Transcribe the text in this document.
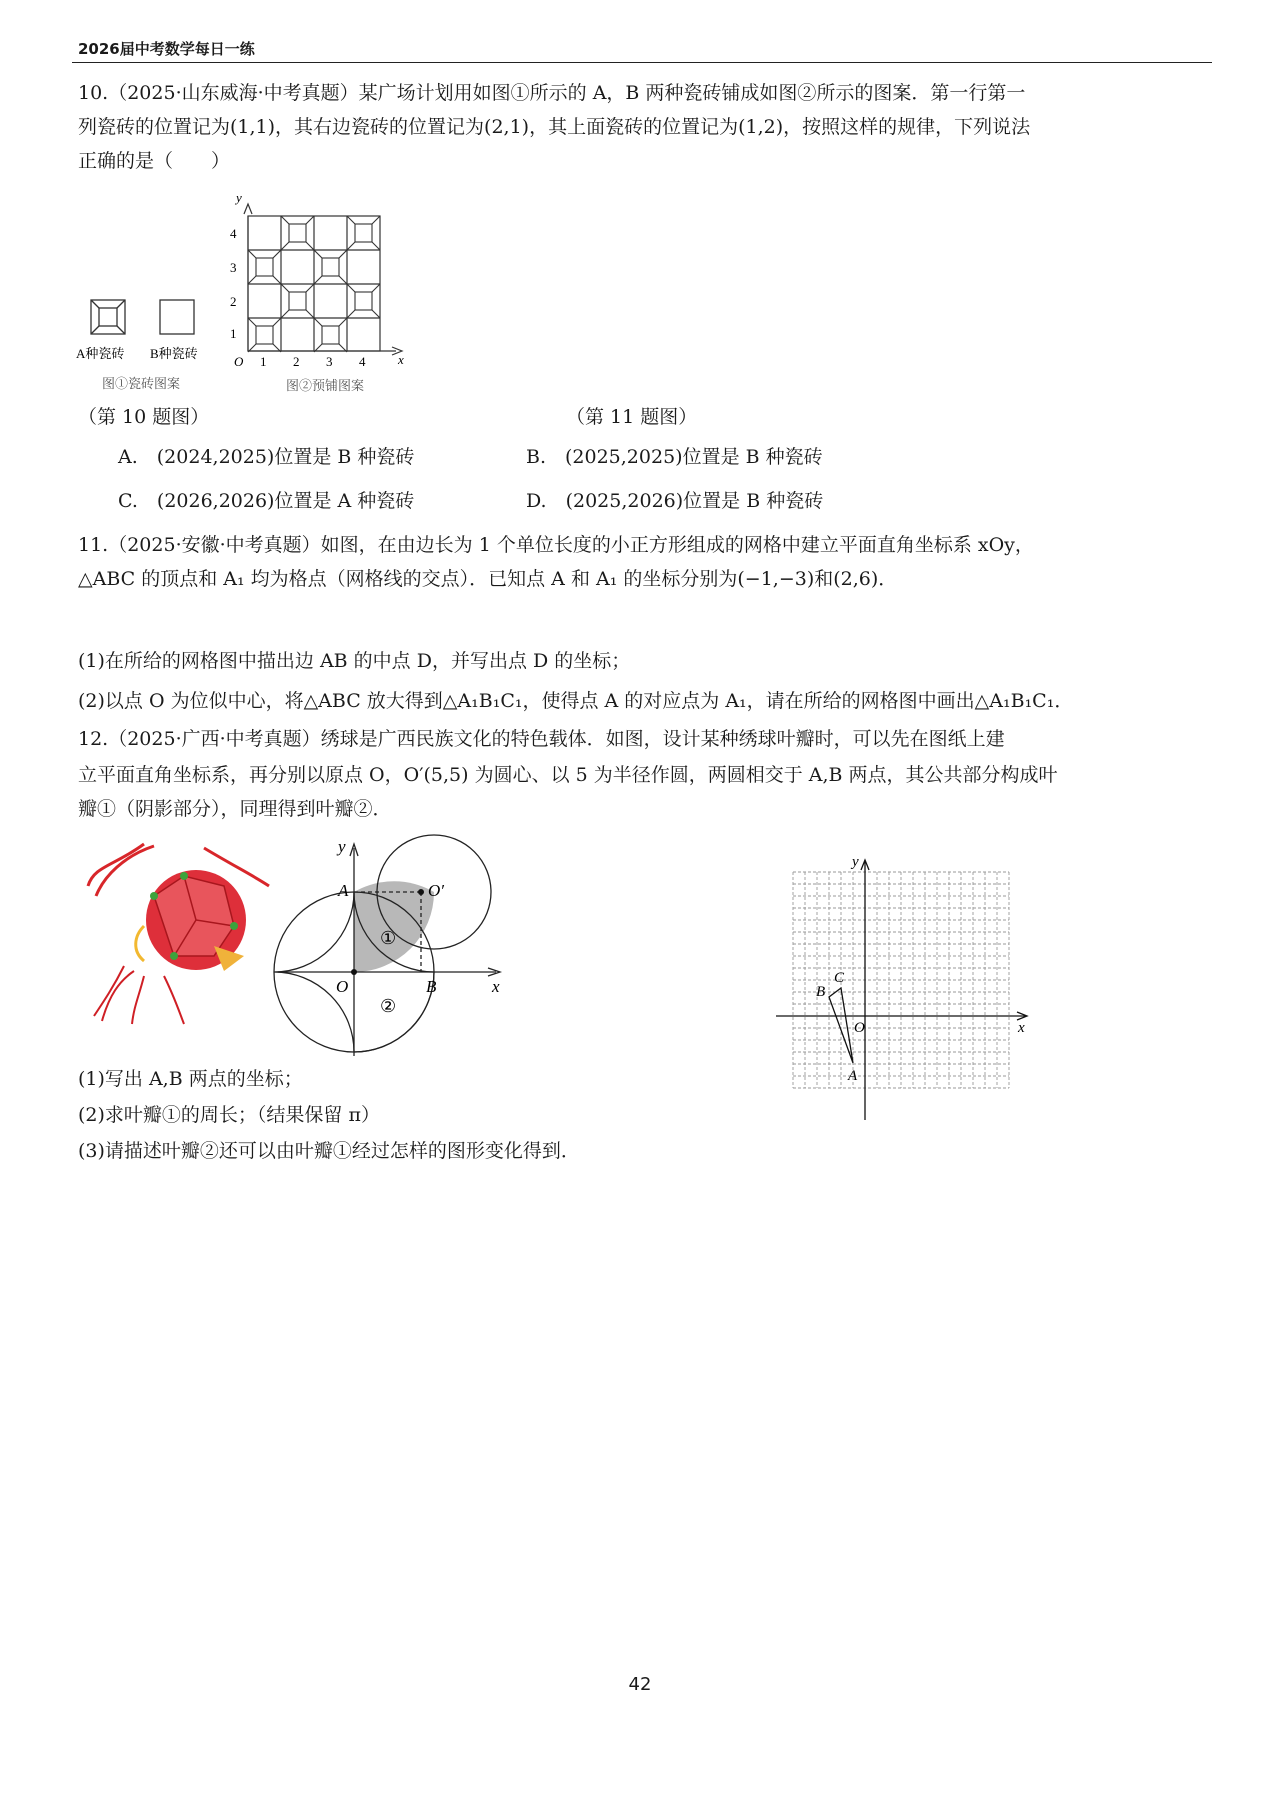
2026届中考数学每日一练
10.（2025·山东威海·中考真题）某广场计划用如图①所示的 A，B 两种瓷砖铺成如图②所示的图案．第一行第一
列瓷砖的位置记为(1,1)，其右边瓷砖的位置记为(2,1)，其上面瓷砖的位置记为(1,2)，按照这样的规律，下列说法
正确的是（　　）
A种瓷砖 B种瓷砖
图①瓷砖图案
1
2
3
4
O 1 2 3 4	x
y
图②预铺图案
（第 10 题图）	（第 11 题图）
A.　(2024,2025)位置是 B 种瓷砖	B.　(2025,2025)位置是 B 种瓷砖
C.　(2026,2026)位置是 A 种瓷砖	D.　(2025,2026)位置是 B 种瓷砖
11.（2025·安徽·中考真题）如图，在由边长为 1 个单位长度的小正方形组成的网格中建立平面直角坐标系 xOy，
△ABC 的顶点和 A₁ 均为格点（网格线的交点）．已知点 A 和 A₁ 的坐标分别为(−1,−3)和(2,6)．
(1)在所给的网格图中描出边 AB 的中点 D，并写出点 D 的坐标；
(2)以点 O 为位似中心，将△ABC 放大得到△A₁B₁C₁，使得点 A 的对应点为 A₁，请在所给的网格图中画出△A₁B₁C₁．
12.（2025·广西·中考真题）绣球是广西民族文化的特色载体．如图，设计某种绣球叶瓣时，可以先在图纸上建
立平面直角坐标系，再分别以原点 O，O′(5,5) 为圆心、以 5 为半径作圆，两圆相交于 A,B 两点，其公共部分构成叶
瓣①（阴影部分），同理得到叶瓣②．
A
B
O
O′
x
y
①
②
A
B
C
O	x
y
(1)写出 A,B 两点的坐标；
(2)求叶瓣①的周长；（结果保留 π）
(3)请描述叶瓣②还可以由叶瓣①经过怎样的图形变化得到．
42
